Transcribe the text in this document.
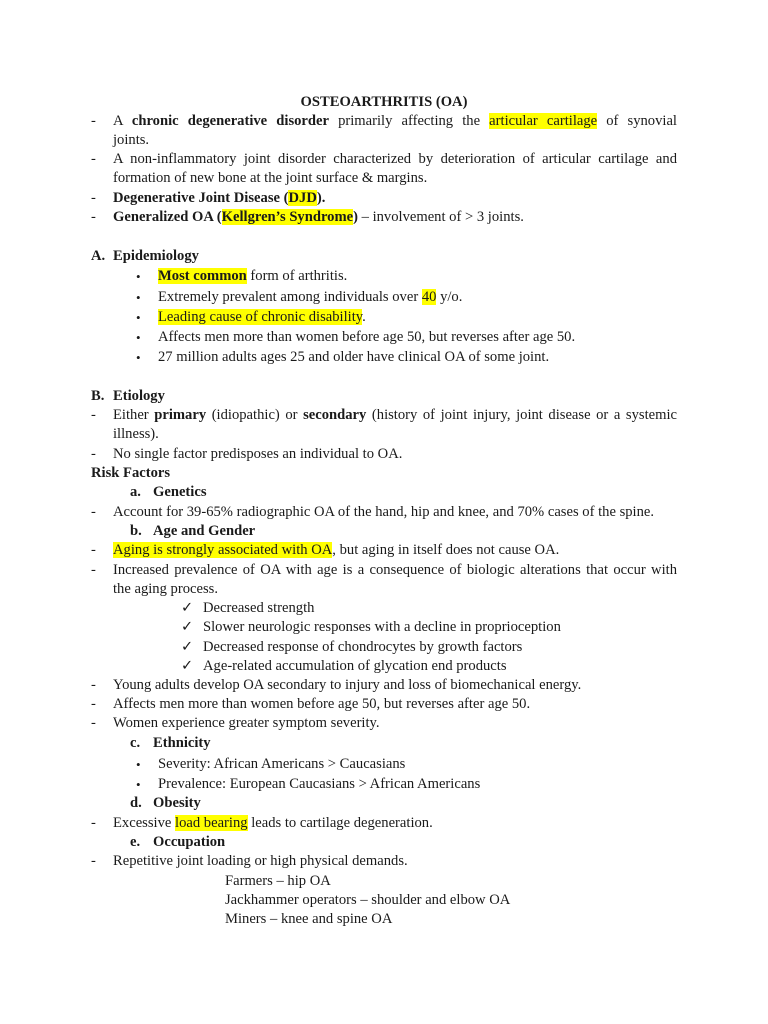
OSTEOARTHRITIS (OA)
- A chronic degenerative disorder primarily affecting the articular cartilage of synovial
joints.
- A non-inflammatory joint disorder characterized by deterioration of articular cartilage and
formation of new bone at the joint surface & margins.
- Degenerative Joint Disease (DJD).
- Generalized OA (Kellgren’s Syndrome) – involvement of > 3 joints.
A. Epidemiology
• Most common form of arthritis.
• Extremely prevalent among individuals over 40 y/o.
• Leading cause of chronic disability.
• Affects men more than women before age 50, but reverses after age 50.
• 27 million adults ages 25 and older have clinical OA of some joint.
B. Etiology
- Either primary (idiopathic) or secondary (history of joint injury, joint disease or a systemic
illness).
- No single factor predisposes an individual to OA.
Risk Factors
a. Genetics
- Account for 39-65% radiographic OA of the hand, hip and knee, and 70% cases of the spine.
b. Age and Gender
- Aging is strongly associated with OA, but aging in itself does not cause OA.
- Increased prevalence of OA with age is a consequence of biologic alterations that occur with
the aging process.
✓ Decreased strength
✓ Slower neurologic responses with a decline in proprioception
✓ Decreased response of chondrocytes by growth factors
✓ Age-related accumulation of glycation end products
- Young adults develop OA secondary to injury and loss of biomechanical energy.
- Affects men more than women before age 50, but reverses after age 50.
- Women experience greater symptom severity.
c. Ethnicity
• Severity: African Americans > Caucasians
• Prevalence: European Caucasians > African Americans
d. Obesity
- Excessive load bearing leads to cartilage degeneration.
e. Occupation
- Repetitive joint loading or high physical demands.
Farmers – hip OA
Jackhammer operators – shoulder and elbow OA
Miners – knee and spine OA
